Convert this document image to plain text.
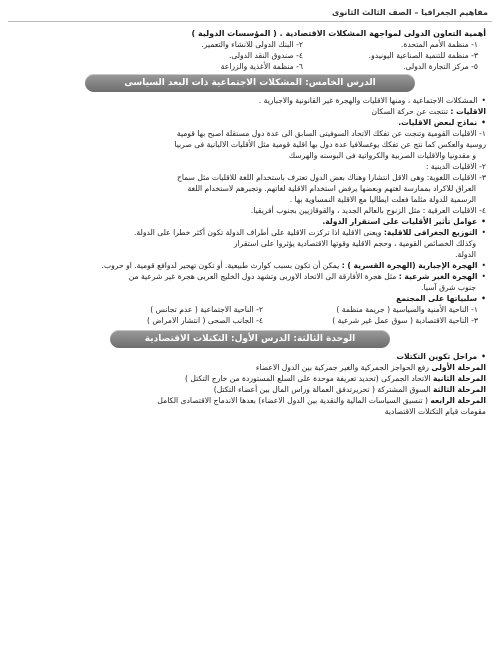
مفاهيم الجغرافيا – الصف الثالث الثانوى
أهمية التعاون الدولى لمواجهة المشكلات الاقتصادية . ( المؤسسات الدولية )
١- منظمة الأمم المتحدة.
٢- البنك الدولى للانشاء والتعمير.
٣- منظمة للتنمية الصناعية اليونيدو.
٤- صندوق النقد الدولى.
٥- مركز التجارة الدولى.
٦- منظمة الأغذية والزراعة
الدرس الخامس: المشكلات الاجتماعية ذات البعد السياسى
• المشكلات الاجتماعية ، ومنها الاقليات والهجرة غير القانونية والاجبارية .
الاقليات : تنتجت عن حركة السكان
• نماذج لبعض الاقليات.
١- الاقليات القومية وتنجت عن تفكك الاتحاد السوفيتى السابق الى عدة دول مستقلة اصبح بها قومية
روسية والعكس كما نتج عن تفكك يوغسلافيا عدة دول بها اقلية قومية مثل الأقليات الالبانية فى صربيا
و مقدونيا والاقليات الصربية والكرواتية فى البوسنه والهرسك
٢- الاقليات الدينية :
٣- الاقليات اللغوية: وهى الاقل انتشارا وهناك بعض الدول تعترف باستخدام اللغة للاقليات مثل سماح
العراق للاكراد بممارسة لغتهم وبعضها يرفض استخدام الاقلية لغاتهم. وتجبرهم لاستخدام اللغة
الرسمية للدولة مثلما فعلت ايطاليا مع الاقلية النمساوية بها .
٤- الاقليات العرقية : مثل الزنوج بالعالم الجديد ، والقوقازيين بجنوب أفريقيا.
• عوامل تأثير الأقليات على استقرار الدولة.
• التوزيع الجغرافى للاقلية: ويعنى الاقلية اذا تركزت الاقلية على أطراف الدولة تكون أكثر خطرا على الدولة.
وكذلك الخصائص القومية ، وحجم الاقلية وقوتها الاقتصادية يؤثروا على استقرار
الدولة.
• الهجرة الإجبارية (الهجرة القسرية ) : يمكن أن تكون بسبب كوارث طبيعية. أو تكون تهجير لدوافع قومية. او حروب.
• الهجرة الغير شرعية : مثل هجرة الأفارقة الى الاتحاد الاوربى وتشهد دول الخليج العربى هجرة غير شرعية من
جنوب شرق آسيا.
• سلبياتها على المجتمع
١- الناحية الأمنية والسياسية ( جريمة منظمة )
٢- الناحية الاجتماعية ( عدم تجانس )
٣- الناحية الاقتصادية ( سوق عمل غير شرعية )
٤- الجانب الصحى ( انتشار الامراض )
الوحدة الثالثة: الدرس الأول: التكتلات الاقتصادية
• مراحل تكوين التكتلات
المرحلة الأولى رفع الحواجز الجمركية والغير جمركية بين الدول الاعضاء
المرحلة الثانية الاتحاد الجمركى (تحديد تعريفة موحدة على السلع المستوردة من خارج التكتل )
المرحلة الثالثة السوق المشتركة ( تحريرتدفق العمالة وراس المال بين أعضاء التكتل)
المرحلة الرابعه ( تنسيق السياسات المالية والنقدية بين الدول الاعضاء) بعدها الاندماج الاقتصادى الكامل
مقومات قيام التكتلات الاقتصادية
